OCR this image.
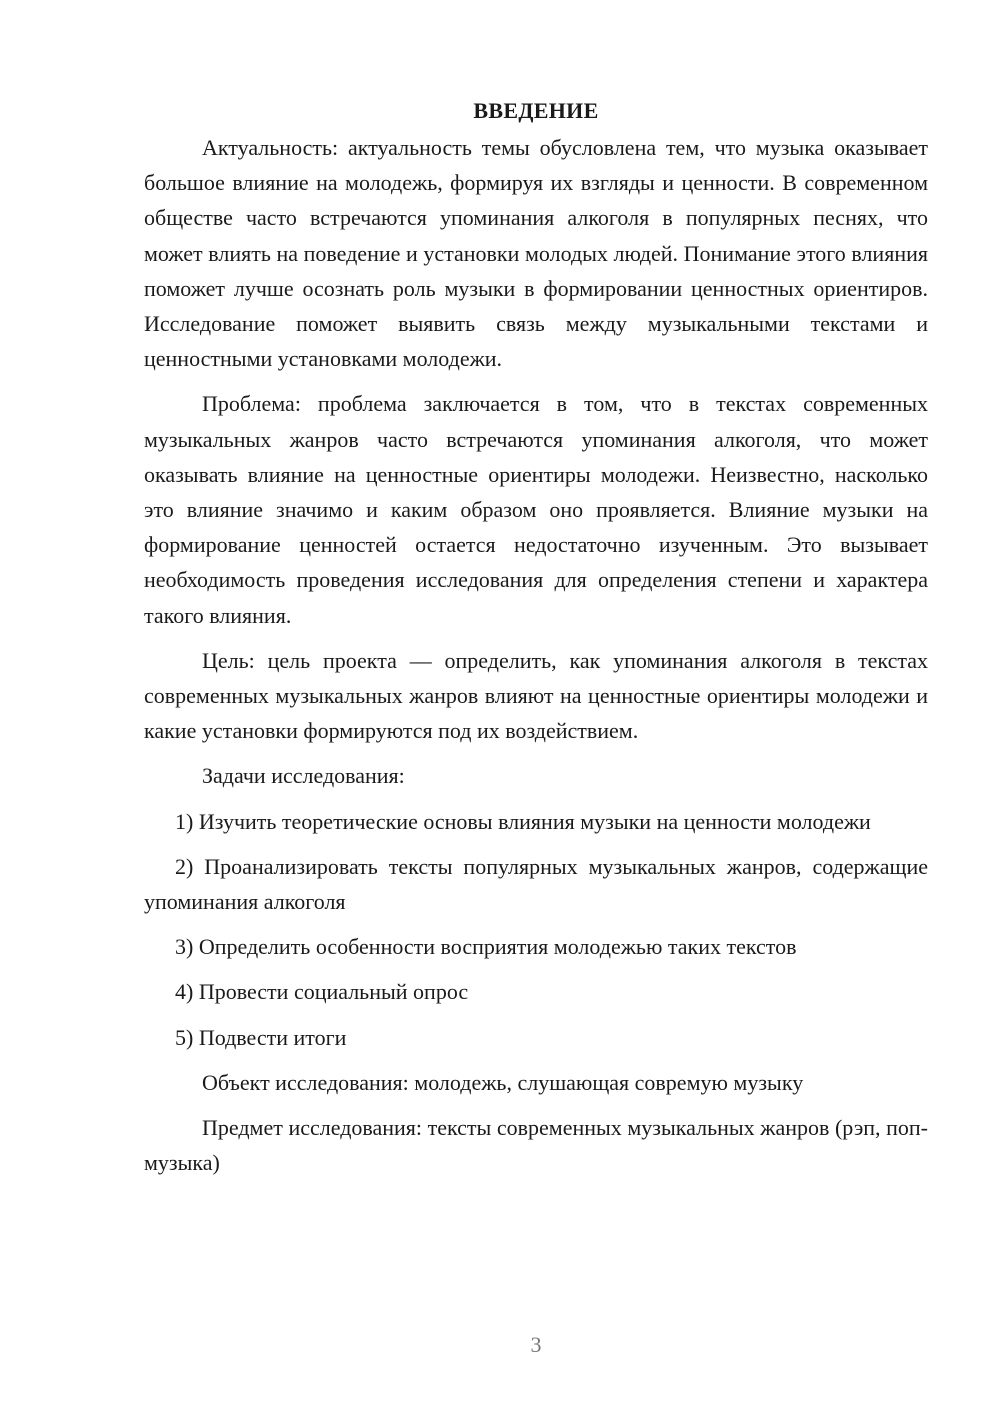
ВВЕДЕНИЕ

Актуальность: актуальность темы обусловлена тем, что музыка оказывает большое влияние на молодежь, формируя их взгляды и ценности. В современном обществе часто встречаются упоминания алкоголя в популярных песнях, что может влиять на поведение и установки молодых людей. Понимание этого влияния поможет лучше осознать роль музыки в формировании ценностных ориентиров. Исследование поможет выявить связь между музыкальными текстами и ценностными установками молодежи.

Проблема: проблема заключается в том, что в текстах современных музыкальных жанров часто встречаются упоминания алкоголя, что может оказывать влияние на ценностные ориентиры молодежи. Неизвестно, насколько это влияние значимо и каким образом оно проявляется. Влияние музыки на формирование ценностей остается недостаточно изученным. Это вызывает необходимость проведения исследования для определения степени и характера такого влияния.

Цель: цель проекта — определить, как упоминания алкоголя в текстах современных музыкальных жанров влияют на ценностные ориентиры молодежи и какие установки формируются под их воздействием.

Задачи исследования:

1) Изучить теоретические основы влияния музыки на ценности молодежи

2) Проанализировать тексты популярных музыкальных жанров, содержащие упоминания алкоголя

3) Определить особенности восприятия молодежью таких текстов

4) Провести социальный опрос

5) Подвести итоги

Объект исследования: молодежь, слушающая совремую музыку

Предмет исследования: тексты современных музыкальных жанров (рэп, поп-музыка)

3
